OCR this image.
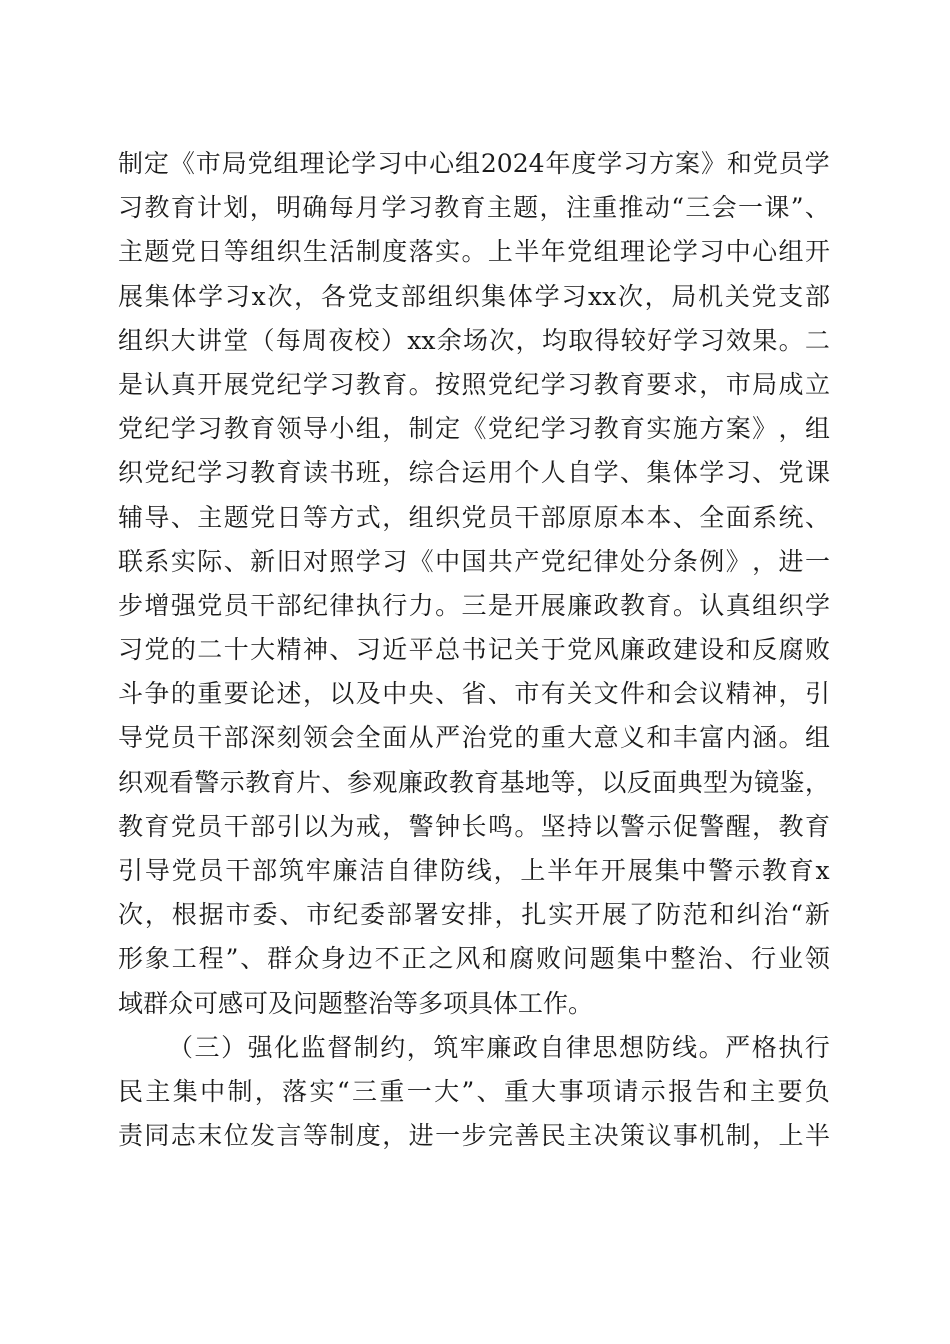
制 定 《 市 局 党 组 理 论 学 习 中 心 组 2024 年 度 学 习 方 案 》 和 党 员 学
习 教 育 计 划 ， 明 确 每 月 学 习 教 育 主 题 ， 注 重 推 动 “ 三 会 一 课 ” 、
主 题 党 日 等 组 织 生 活 制 度 落 实 。 上 半 年 党 组 理 论 学 习 中 心 组 开
展 集 体 学 习 x 次 ， 各 党 支 部 组 织 集 体 学 习 xx 次 ， 局 机 关 党 支 部
组 织 大 讲 堂 （ 每 周 夜 校 ） xx 余 场 次 ， 均 取 得 较 好 学 习 效 果 。 二
是 认 真 开 展 党 纪 学 习 教 育 。 按 照 党 纪 学 习 教 育 要 求 ， 市 局 成 立
党 纪 学 习 教 育 领 导 小 组 ， 制 定 《 党 纪 学 习 教 育 实 施 方 案 》 ， 组
织 党 纪 学 习 教 育 读 书 班 ， 综 合 运 用 个 人 自 学 、 集 体 学 习 、 党 课
辅 导 、 主 题 党 日 等 方 式 ， 组 织 党 员 干 部 原 原 本 本 、 全 面 系 统 、
联 系 实 际 、 新 旧 对 照 学 习 《 中 国 共 产 党 纪 律 处 分 条 例 》 ， 进 一
步 增 强 党 员 干 部 纪 律 执 行 力 。 三 是 开 展 廉 政 教 育 。 认 真 组 织 学
习 党 的 二 十 大 精 神 、 习 近 平 总 书 记 关 于 党 风 廉 政 建 设 和 反 腐 败
斗 争 的 重 要 论 述 ， 以 及 中 央 、 省 、 市 有 关 文 件 和 会 议 精 神 ， 引
导 党 员 干 部 深 刻 领 会 全 面 从 严 治 党 的 重 大 意 义 和 丰 富 内 涵 。 组
织 观 看 警 示 教 育 片 、 参 观 廉 政 教 育 基 地 等 ， 以 反 面 典 型 为 镜 鉴 ，
教 育 党 员 干 部 引 以 为 戒 ， 警 钟 长 鸣 。 坚 持 以 警 示 促 警 醒 ， 教 育
引 导 党 员 干 部 筑 牢 廉 洁 自 律 防 线 ， 上 半 年 开 展 集 中 警 示 教 育 x
次 ， 根 据 市 委 、 市 纪 委 部 署 安 排 ， 扎 实 开 展 了 防 范 和 纠 治 “ 新
形 象 工 程 ” 、 群 众 身 边 不 正 之 风 和 腐 败 问 题 集 中 整 治 、 行 业 领
域群众可感可及问题整治等多项具体工作。
（ 三 ） 强 化 监 督 制 约 ， 筑 牢 廉 政 自 律 思 想 防 线 。 严 格 执 行
民 主 集 中 制 ， 落 实 “ 三 重 一 大 ” 、 重 大 事 项 请 示 报 告 和 主 要 负
责 同 志 末 位 发 言 等 制 度 ， 进 一 步 完 善 民 主 决 策 议 事 机 制 ， 上 半
